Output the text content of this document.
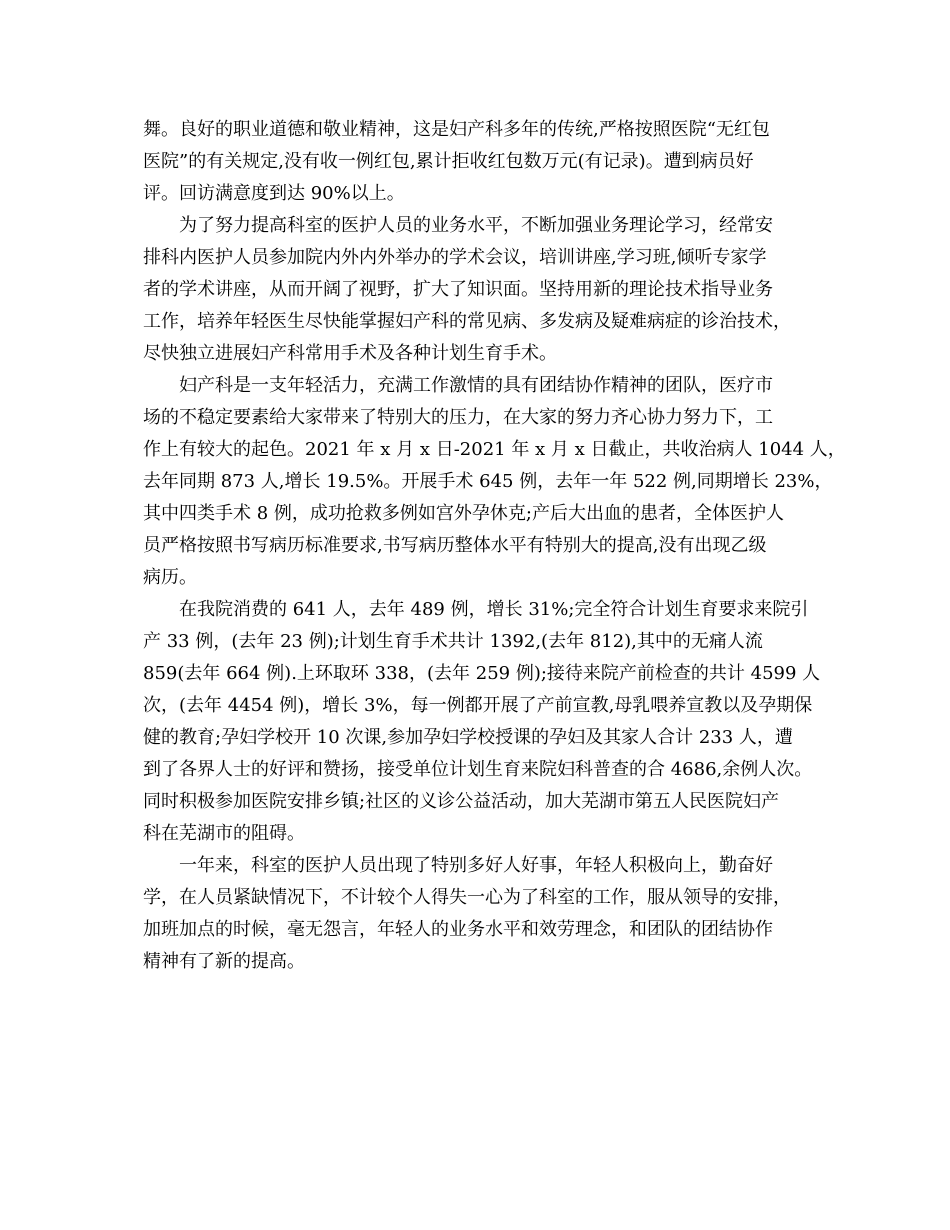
舞。良好的职业道德和敬业精神，这是妇产科多年的传统,严格按照医院“无红包
医院”的有关规定,没有收一例红包,累计拒收红包数万元(有记录)。遭到病员好
评。回访满意度到达 90%以上。
为了努力提高科室的医护人员的业务水平，不断加强业务理论学习，经常安
排科内医护人员参加院内外内外举办的学术会议，培训讲座,学习班,倾听专家学
者的学术讲座，从而开阔了视野，扩大了知识面。坚持用新的理论技术指导业务
工作，培养年轻医生尽快能掌握妇产科的常见病、多发病及疑难病症的诊治技术，
尽快独立进展妇产科常用手术及各种计划生育手术。
妇产科是一支年轻活力，充满工作激情的具有团结协作精神的团队，医疗市
场的不稳定要素给大家带来了特别大的压力，在大家的努力齐心协力努力下，工
作上有较大的起色。2021 年 x 月 x 日-2021 年 x 月 x 日截止，共收治病人 1044 人，
去年同期 873 人,增长 19.5%。开展手术 645 例，去年一年 522 例,同期增长 23%，
其中四类手术 8 例，成功抢救多例如宫外孕休克;产后大出血的患者，全体医护人
员严格按照书写病历标准要求,书写病历整体水平有特别大的提高,没有出现乙级
病历。
在我院消费的 641 人，去年 489 例，增长 31%;完全符合计划生育要求来院引
产 33 例，(去年 23 例);计划生育手术共计 1392,(去年 812),其中的无痛人流
859(去年 664 例).上环取环 338，(去年 259 例);接待来院产前检查的共计 4599 人
次，(去年 4454 例)，增长 3%，每一例都开展了产前宣教,母乳喂养宣教以及孕期保
健的教育;孕妇学校开 10 次课,参加孕妇学校授课的孕妇及其家人合计 233 人，遭
到了各界人士的好评和赞扬，接受单位计划生育来院妇科普查的合 4686,余例人次。
同时积极参加医院安排乡镇;社区的义诊公益活动，加大芜湖市第五人民医院妇产
科在芜湖市的阻碍。
一年来，科室的医护人员出现了特别多好人好事，年轻人积极向上，勤奋好
学，在人员紧缺情况下，不计较个人得失一心为了科室的工作，服从领导的安排，
加班加点的时候，毫无怨言，年轻人的业务水平和效劳理念，和团队的团结协作
精神有了新的提高。
